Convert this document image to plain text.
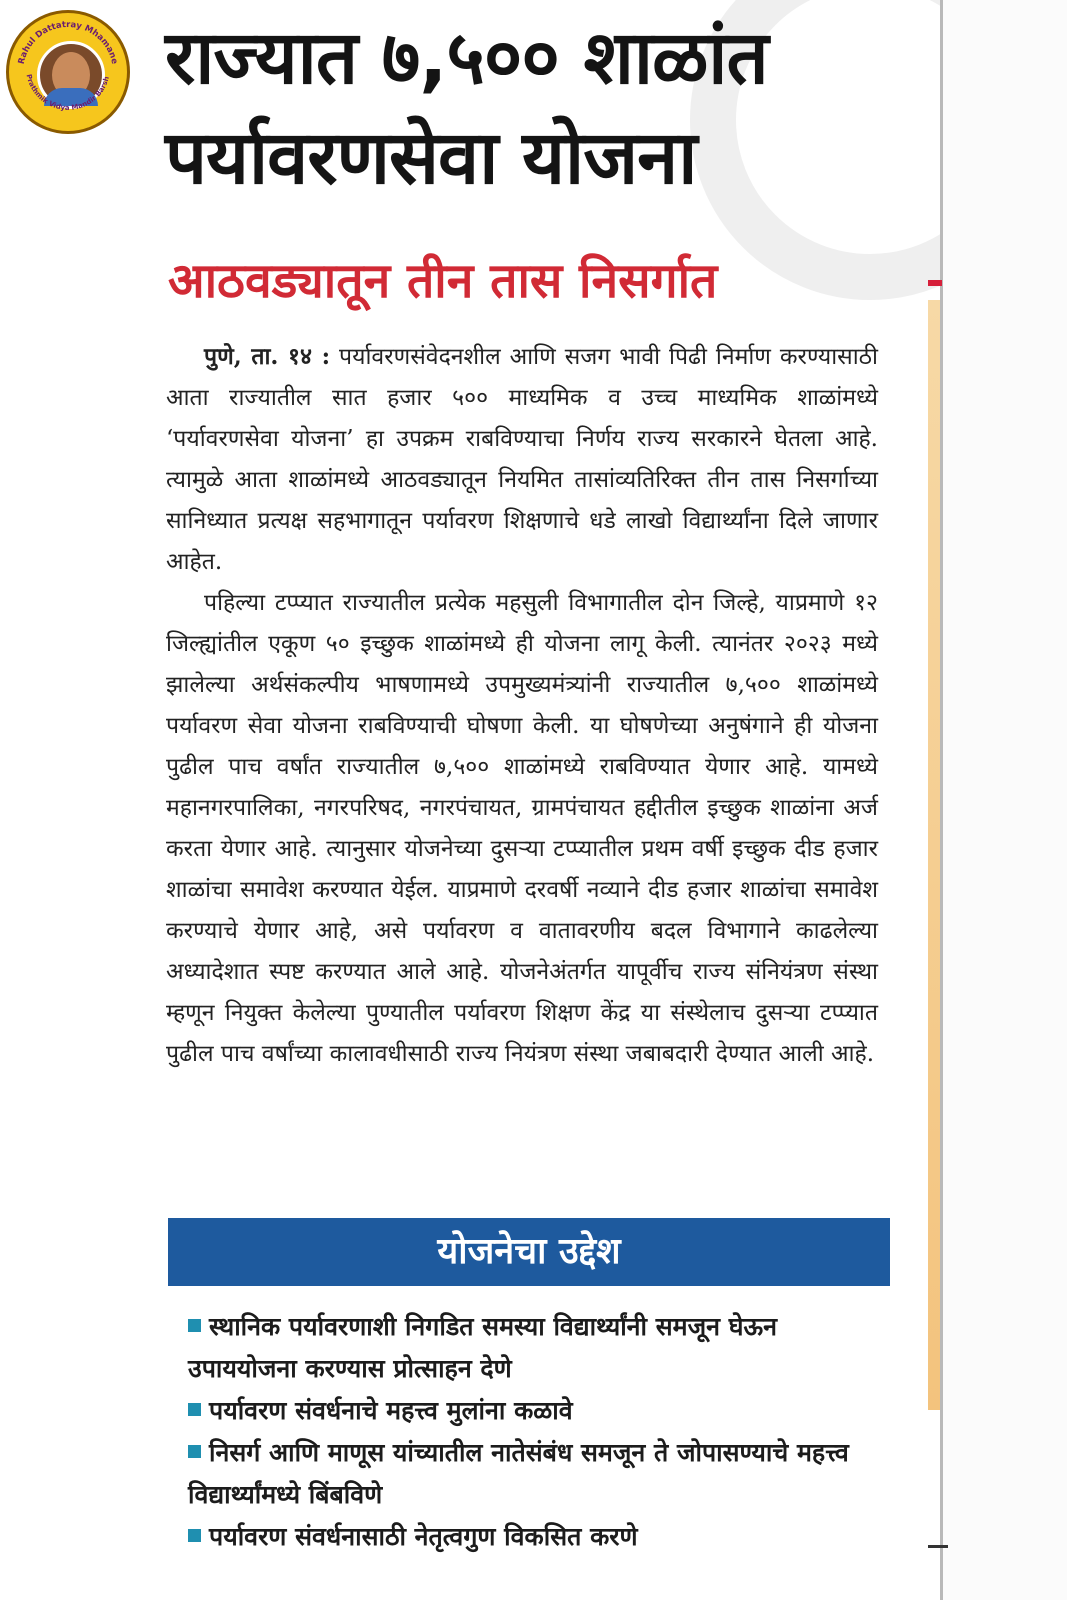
Rahul Dattatray Mhamane
Prathmik Vidya Mandir Barsh राज्यात ७,५०० शाळांत
पर्यावरणसेवा योजना
आठवड्यातून तीन तास निसर्गात

पुणे, ता. १४ : पर्यावरणसंवेदनशील आणि सजग भावी पिढी निर्माण करण्यासाठी आता राज्यातील सात हजार ५०० माध्यमिक व उच्च माध्यमिक शाळांमध्ये ‘पर्यावरणसेवा योजना’ हा उपक्रम राबविण्याचा निर्णय राज्य सरकारने घेतला आहे. त्यामुळे आता शाळांमध्ये आठवड्यातून नियमित तासांव्यतिरिक्त तीन तास निसर्गाच्या सानिध्यात प्रत्यक्ष सहभागातून पर्यावरण शिक्षणाचे धडे लाखो विद्यार्थ्यांना दिले जाणार आहेत.

पहिल्या टप्प्यात राज्यातील प्रत्येक महसुली विभागातील दोन जिल्हे, याप्रमाणे १२ जिल्ह्यांतील एकूण ५० इच्छुक शाळांमध्ये ही योजना लागू केली. त्यानंतर २०२३ मध्ये झालेल्या अर्थसंकल्पीय भाषणामध्ये उपमुख्यमंत्र्यांनी राज्यातील ७,५०० शाळांमध्ये पर्यावरण सेवा योजना राबविण्याची घोषणा केली. या घोषणेच्या अनुषंगाने ही योजना पुढील पाच वर्षांत राज्यातील ७,५०० शाळांमध्ये राबविण्यात येणार आहे. यामध्ये महानगरपालिका, नगरपरिषद, नगरपंचायत, ग्रामपंचायत हद्दीतील इच्छुक शाळांना अर्ज करता येणार आहे. त्यानुसार योजनेच्या दुसऱ्या टप्प्यातील प्रथम वर्षी इच्छुक दीड हजार शाळांचा समावेश करण्यात येईल. याप्रमाणे दरवर्षी नव्याने दीड हजार शाळांचा समावेश करण्याचे येणार आहे, असे पर्यावरण व वातावरणीय बदल विभागाने काढलेल्या अध्यादेशात स्पष्ट करण्यात आले आहे. योजनेअंतर्गत यापूर्वीच राज्य संनियंत्रण संस्था म्हणून नियुक्त केलेल्या पुण्यातील पर्यावरण शिक्षण केंद्र या संस्थेलाच दुसऱ्या टप्प्यात पुढील पाच वर्षांच्या कालावधीसाठी राज्य नियंत्रण संस्था जबाबदारी देण्यात आली आहे.

योजनेचा उद्देश
स्थानिक पर्यावरणाशी निगडित समस्या विद्यार्थ्यांनी समजून घेऊन उपाययोजना करण्यास प्रोत्साहन देणे
पर्यावरण संवर्धनाचे महत्त्व मुलांना कळावे
निसर्ग आणि माणूस यांच्यातील नातेसंबंध समजून ते जोपासण्याचे महत्त्व विद्यार्थ्यांमध्ये बिंबविणे
पर्यावरण संवर्धनासाठी नेतृत्वगुण विकसित करणे
